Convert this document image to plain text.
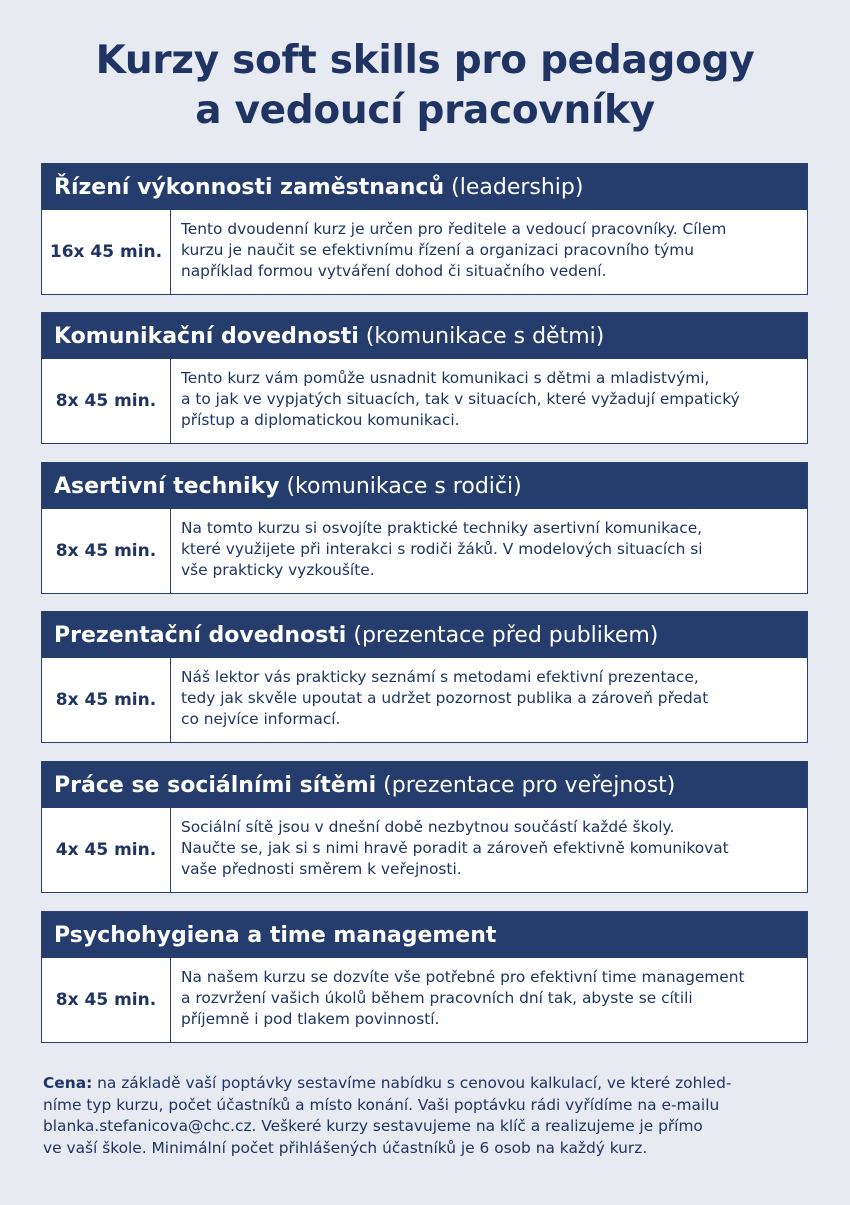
Kurzy soft skills pro pedagogy
a vedoucí pracovníky
Řízení výkonnosti zaměstnanců (leadership)
16x 45 min.
Tento dvoudenní kurz je určen pro ředitele a vedoucí pracovníky. Cílem
kurzu je naučit se efektivnímu řízení a organizaci pracovního týmu
například formou vytváření dohod či situačního vedení.
Komunikační dovednosti (komunikace s dětmi)
8x 45 min.
Tento kurz vám pomůže usnadnit komunikaci s dětmi a mladistvými,
a to jak ve vypjatých situacích, tak v situacích, které vyžadují empatický
přístup a diplomatickou komunikaci.
Asertivní techniky (komunikace s rodiči)
8x 45 min.
Na tomto kurzu si osvojíte praktické techniky asertivní komunikace,
které využijete při interakci s rodiči žáků. V modelových situacích si
vše prakticky vyzkoušíte.
Prezentační dovednosti (prezentace před publikem)
8x 45 min.
Náš lektor vás prakticky seznámí s metodami efektivní prezentace,
tedy jak skvěle upoutat a udržet pozornost publika a zároveň předat
co nejvíce informací.
Práce se sociálními sítěmi (prezentace pro veřejnost)
4x 45 min.
Sociální sítě jsou v dnešní době nezbytnou součástí každé školy.
Naučte se, jak si s nimi hravě poradit a zároveň efektivně komunikovat
vaše přednosti směrem k veřejnosti.
Psychohygiena a time management
8x 45 min.
Na našem kurzu se dozvíte vše potřebné pro efektivní time management
a rozvržení vašich úkolů během pracovních dní tak, abyste se cítili
příjemně i pod tlakem povinností.
Cena: na základě vaší poptávky sestavíme nabídku s cenovou kalkulací, ve které zohled-
níme typ kurzu, počet účastníků a místo konání. Vaši poptávku rádi vyřídíme na e-mailu
blanka.stefanicova@chc.cz. Veškeré kurzy sestavujeme na klíč a realizujeme je přímo
ve vaší škole. Minimální počet přihlášených účastníků je 6 osob na každý kurz.
